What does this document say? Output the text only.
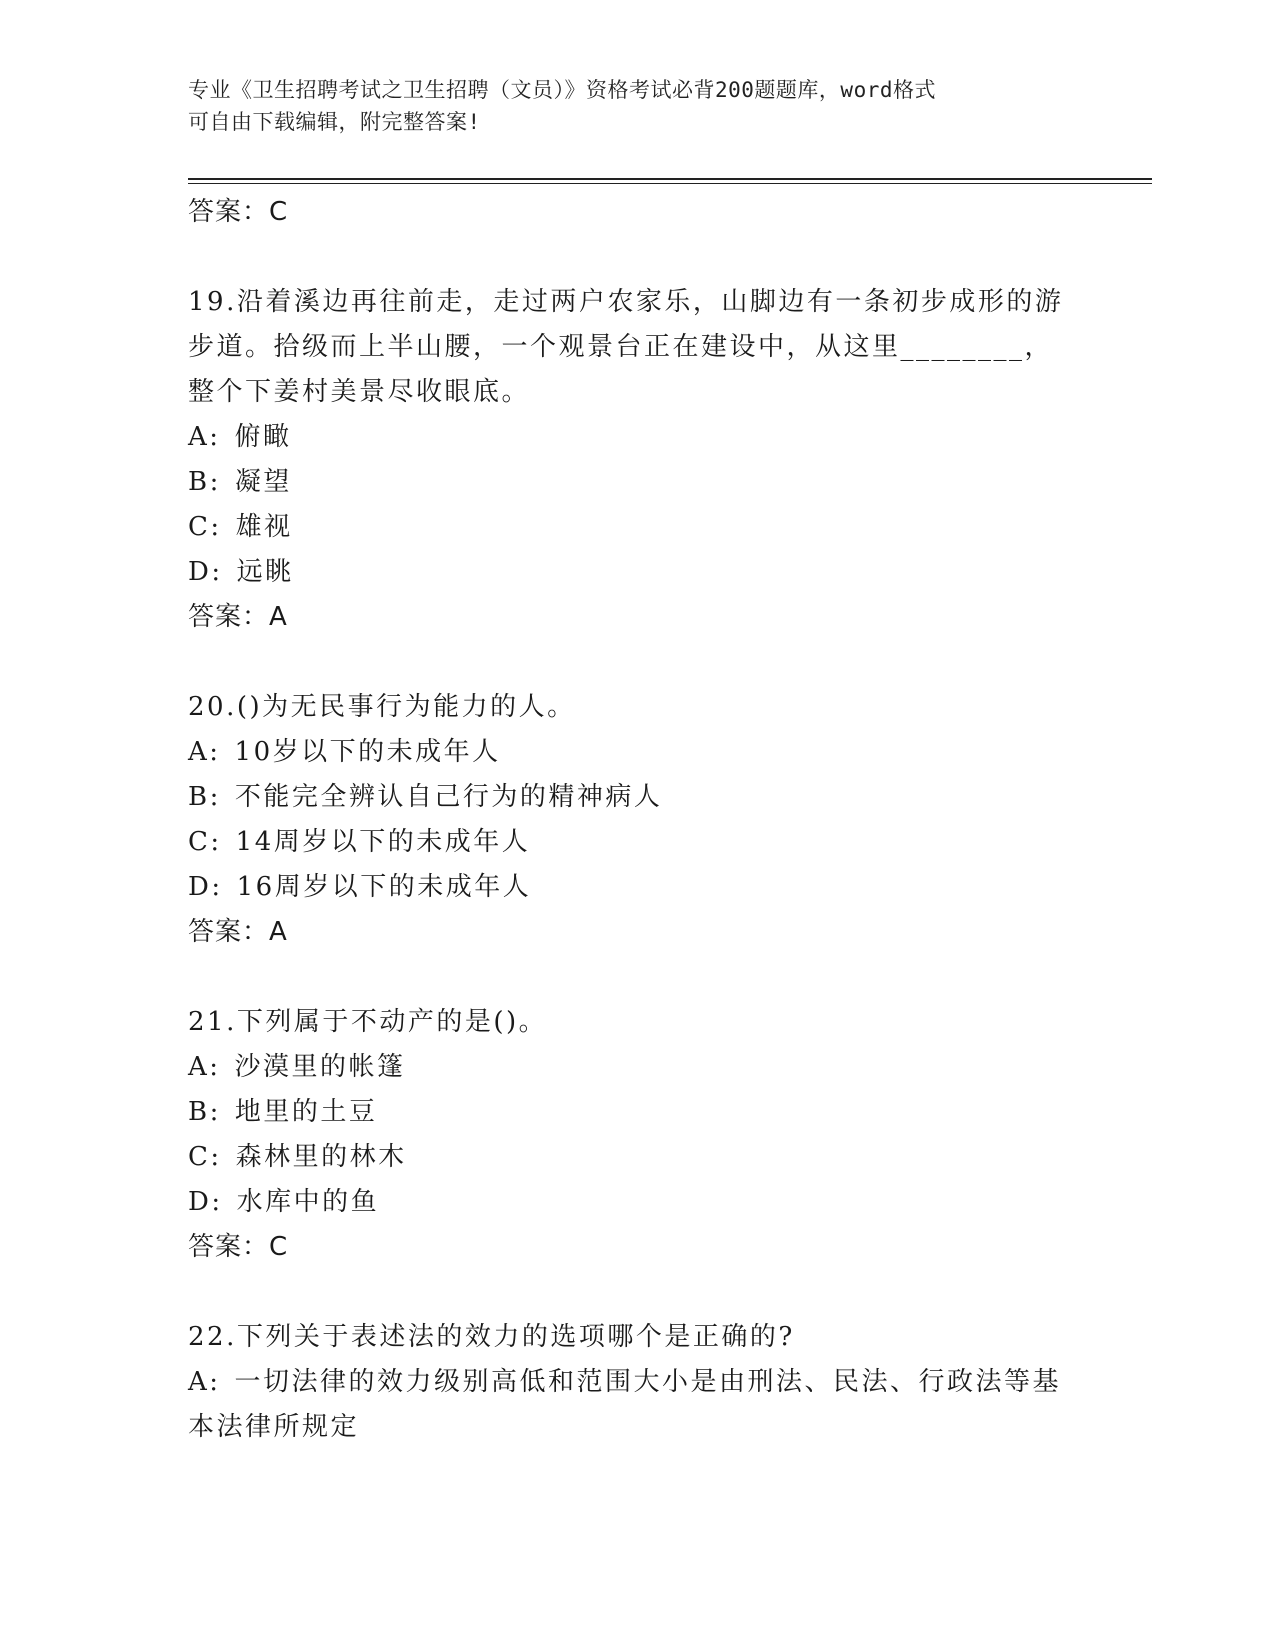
专业《卫生招聘考试之卫生招聘（文员）》资格考试必背200题题库，word格式
可自由下载编辑，附完整答案!
答案：C
19.沿着溪边再往前走，走过两户农家乐，山脚边有一条初步成形的游
步道。拾级而上半山腰，一个观景台正在建设中，从这里________，
整个下姜村美景尽收眼底。
A: 俯瞰
B: 凝望
C: 雄视
D: 远眺
答案：A
20.()为无民事行为能力的人。
A: 10岁以下的未成年人
B: 不能完全辨认自己行为的精神病人
C: 14周岁以下的未成年人
D: 16周岁以下的未成年人
答案：A
21.下列属于不动产的是()。
A: 沙漠里的帐篷
B: 地里的土豆
C: 森林里的林木
D: 水库中的鱼
答案：C
22.下列关于表述法的效力的选项哪个是正确的?
A: 一切法律的效力级别高低和范围大小是由刑法、民法、行政法等基
本法律所规定
